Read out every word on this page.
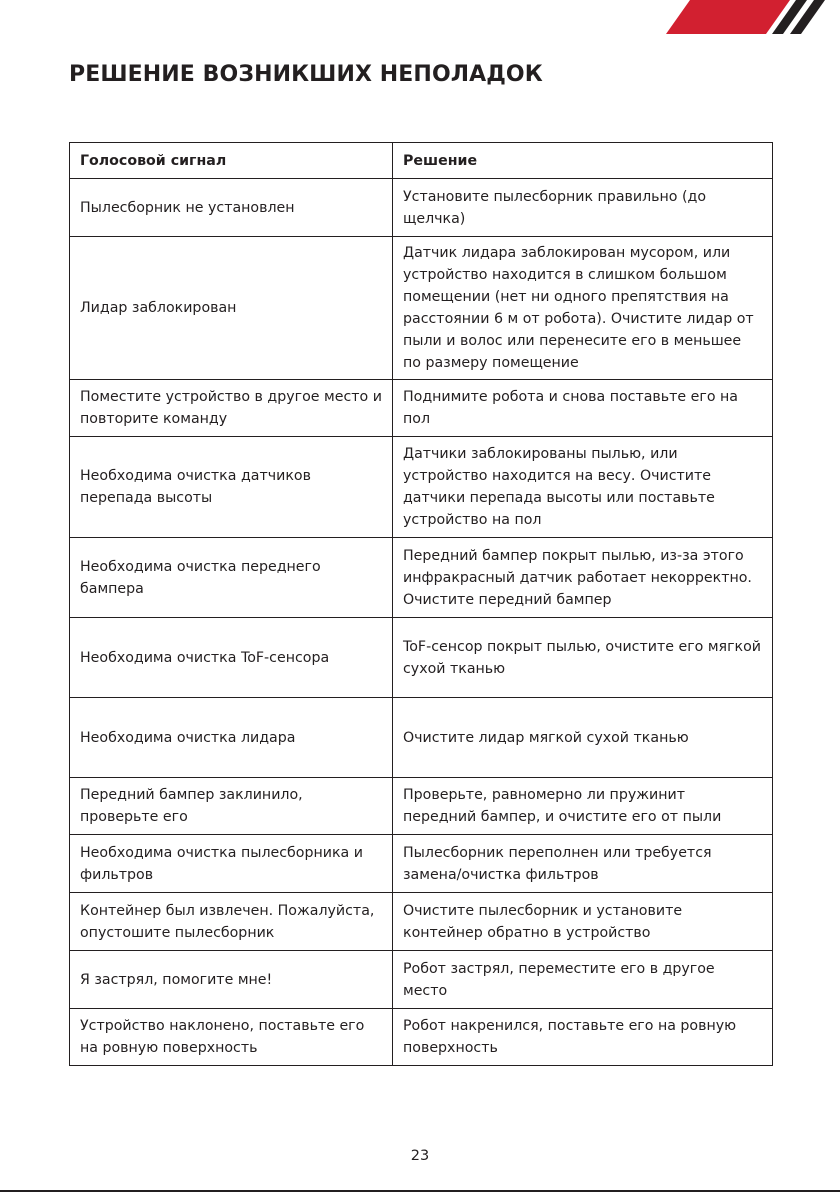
РЕШЕНИЕ ВОЗНИКШИХ НЕПОЛАДОК
Голосовой сигнал	Решение
Пылесборник не установлен	Установите пылесборник правильно (до щелчка)
Лидар заблокирован	Датчик лидара заблокирован мусором, или устройство находится в слишком большом помещении (нет ни одного препятствия на расстоянии 6 м от робота). Очистите лидар от пыли и волос или перенесите его в меньшее по размеру помещение
Поместите устройство в другое место и повторите команду	Поднимите робота и снова поставьте его на пол
Необходима очистка датчиков перепада высоты	Датчики заблокированы пылью, или устройство находится на весу. Очистите датчики перепада высоты или поставьте устройство на пол
Необходима очистка переднего бампера	Передний бампер покрыт пылью, из-за этого инфракрасный датчик работает некорректно. Очистите передний бампер
Необходима очистка ToF-сенсора	ToF-сенсор покрыт пылью, очистите его мягкой сухой тканью
Необходима очистка лидара	Очистите лидар мягкой сухой тканью
Передний бампер заклинило, проверьте его	Проверьте, равномерно ли пружинит передний бампер, и очистите его от пыли
Необходима очистка пылесборника и фильтров	Пылесборник переполнен или требуется замена/очистка фильтров
Контейнер был извлечен. Пожалуйста, опустошите пылесборник	Очистите пылесборник и установите контейнер обратно в устройство
Я застрял, помогите мне!	Робот застрял, переместите его в другое место
Устройство наклонено, поставьте его на ровную поверхность	Робот накренился, поставьте его на ровную поверхность
23
